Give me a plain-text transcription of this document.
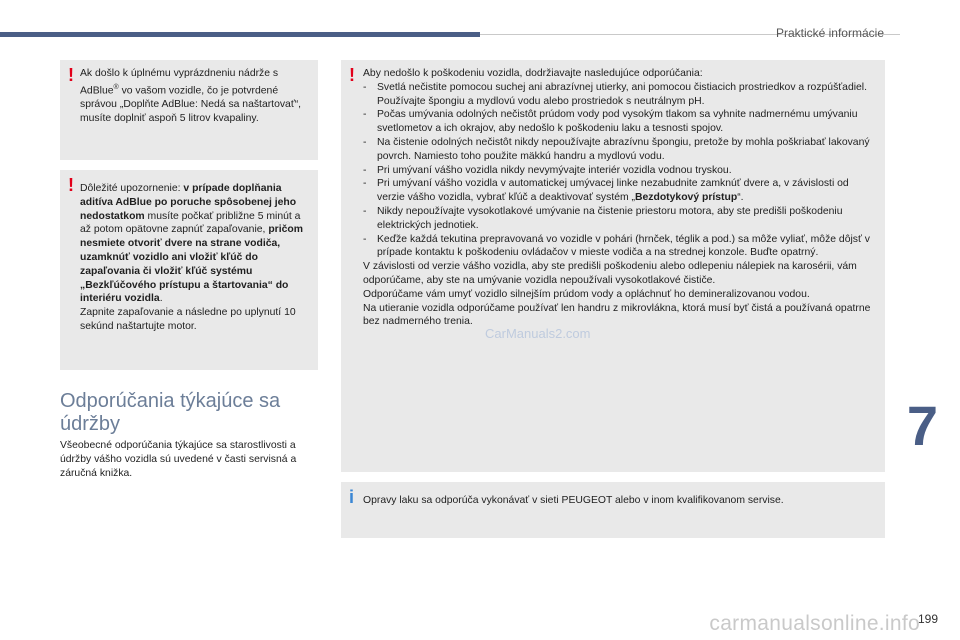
Praktické informácie
! Ak došlo k úplnému vyprázdneniu nádrže s AdBlue® vo vašom vozidle, čo je potvrdené správou „Doplňte AdBlue: Nedá sa naštartovať“, musíte doplniť aspoň 5 litrov kvapaliny.
! Dôležité upozornenie: v prípade doplňania aditíva AdBlue po poruche spôsobenej jeho nedostatkom musíte počkať približne 5 minút a až potom opätovne zapnúť zapaľovanie, pričom nesmiete otvoriť dvere na strane vodiča, uzamknúť vozidlo ani vložiť kľúč do zapaľovania či vložiť kľúč systému „Bezkľúčového prístupu a štartovania“ do interiéru vozidla.
Zapnite zapaľovanie a následne po uplynutí 10 sekúnd naštartujte motor.
Odporúčania týkajúce sa údržby

Všeobecné odporúčania týkajúce sa starostlivosti a údržby vášho vozidla sú uvedené v časti servisná a záručná knižka.

! Aby nedošlo k poškodeniu vozidla, dodržiavajte nasledujúce odporúčania:
- Svetlá nečistite pomocou suchej ani abrazívnej utierky, ani pomocou čistiacich prostriedkov a rozpúšťadiel. Používajte špongiu a mydlovú vodu alebo prostriedok s neutrálnym pH.
- Počas umývania odolných nečistôt prúdom vody pod vysokým tlakom sa vyhnite nadmernému umývaniu svetlometov a ich okrajov, aby nedošlo k poškodeniu laku a tesnosti spojov.
- Na čistenie odolných nečistôt nikdy nepoužívajte abrazívnu špongiu, pretože by mohla poškriabať lakovaný povrch. Namiesto toho použite mäkkú handru a mydlovú vodu.
- Pri umývaní vášho vozidla nikdy nevymývajte interiér vozidla vodnou tryskou.
- Pri umývaní vášho vozidla v automatickej umývacej linke nezabudnite zamknúť dvere a, v závislosti od verzie vášho vozidla, vybrať kľúč a deaktivovať systém „Bezdotykový prístup“.
- Nikdy nepoužívajte vysokotlakové umývanie na čistenie priestoru motora, aby ste predišli poškodeniu elektrických jednotiek.
- Keďže každá tekutina prepravovaná vo vozidle v pohári (hrnček, téglik a pod.) sa môže vyliať, môže dôjsť v prípade kontaktu k poškodeniu ovládačov v mieste vodiča a na strednej konzole. Buďte opatrný.
V závislosti od verzie vášho vozidla, aby ste predišli poškodeniu alebo odlepeniu nálepiek na karosérii, vám odporúčame, aby ste na umývanie vozidla nepoužívali vysokotlakové čističe.
Odporúčame vám umyť vozidlo silnejším prúdom vody a opláchnuť ho demineralizovanou vodou.
Na utieranie vozidla odporúčame používať len handru z mikrovlákna, ktorá musí byť čistá a používaná opatrne bez nadmerného trenia.
i Opravy laku sa odporúča vykonávať v sieti PEUGEOT alebo v inom kvalifikovanom servise.
7
CarManuals2.com
carmanualsonline.info
199
